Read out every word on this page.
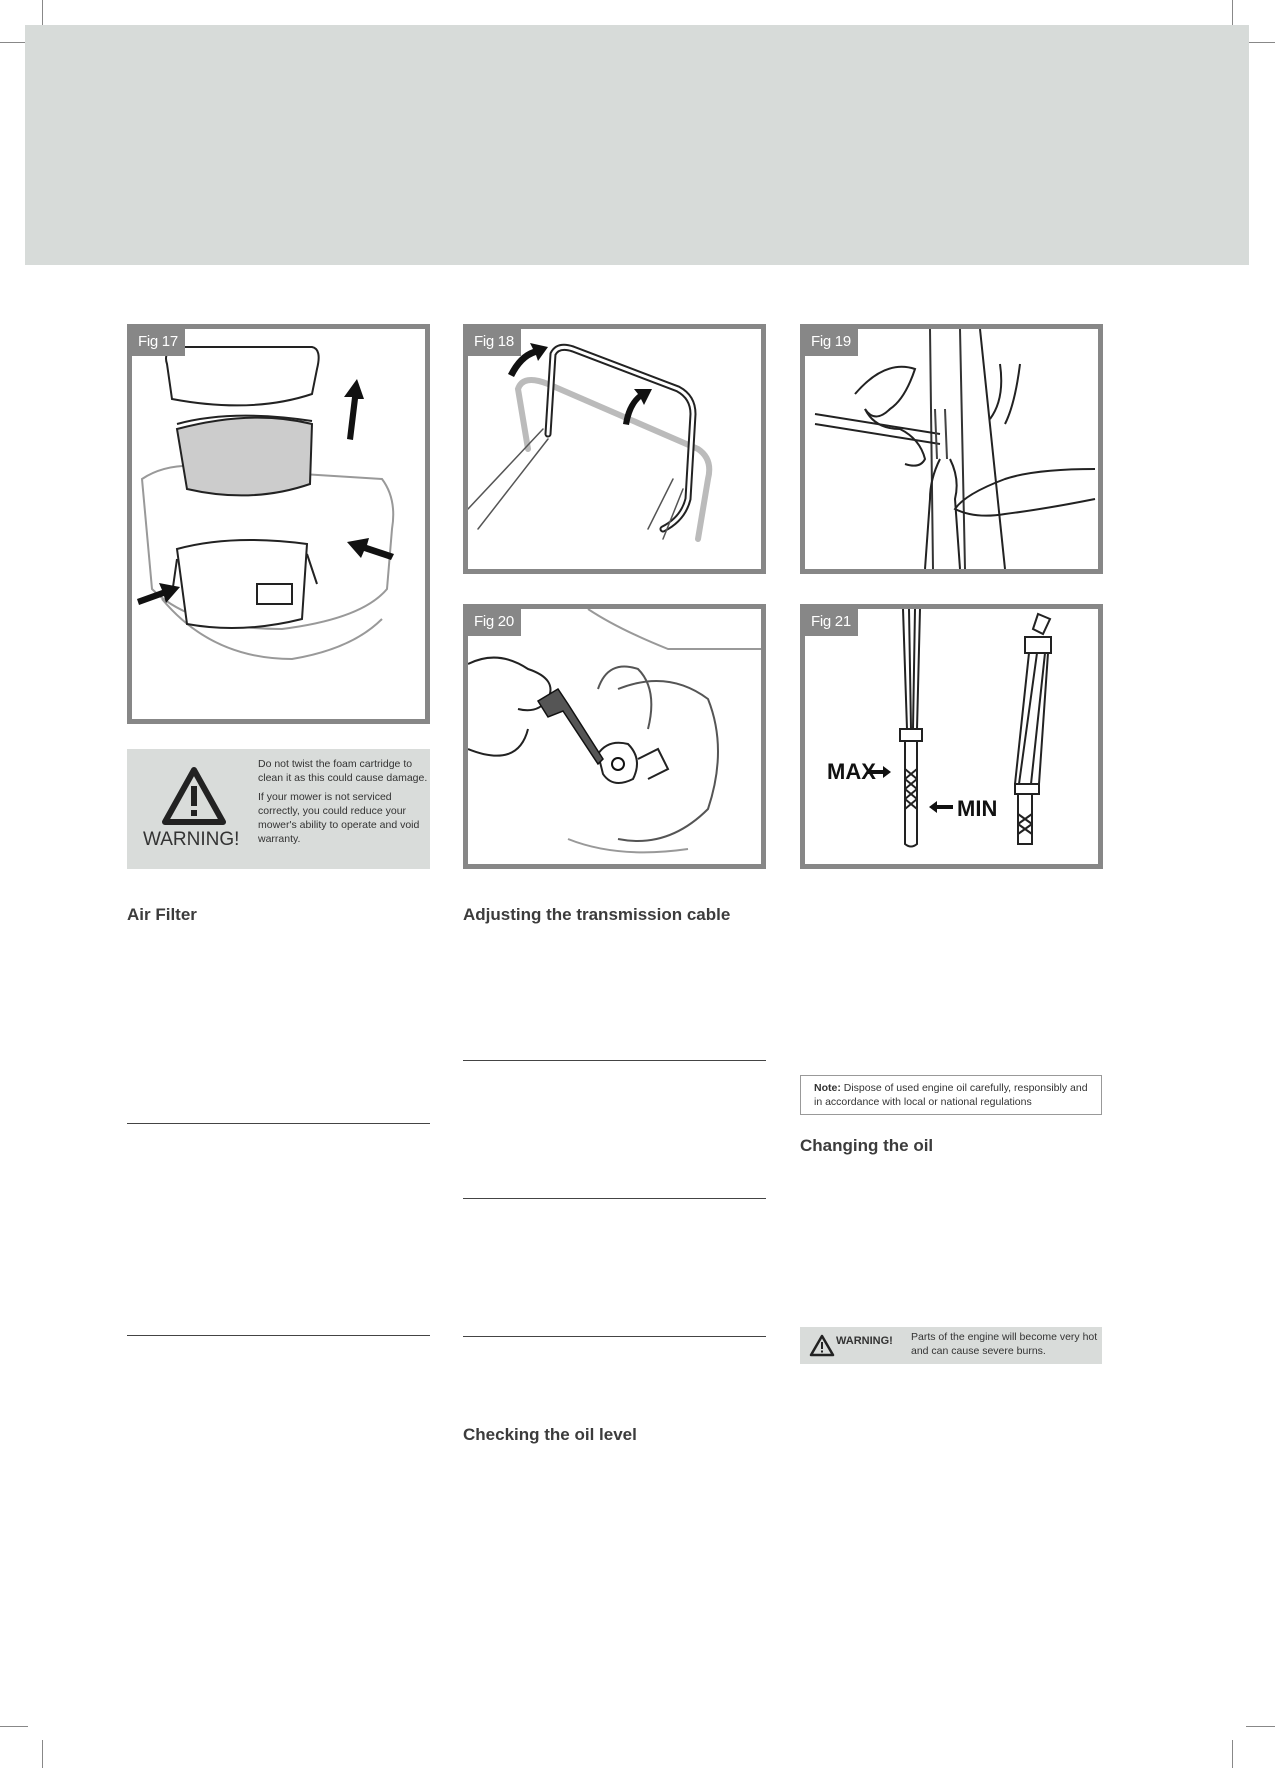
Fig 17	Fig 18	Fig 19
Fig 20
MAX
MIN
Fig 21
WARNING!

Do not twist the foam cartridge to clean it as this could cause damage.

If your mower is not serviced correctly, you could reduce your mower's ability to operate and void warranty.

Air Filter	Adjusting the transmission cable
Checking the oil level
Changing the oil
Note: Dispose of used engine oil carefully, responsibly and in accordance with local or national regulations
WARNING! Parts of the engine will become very hot and can cause severe burns.
